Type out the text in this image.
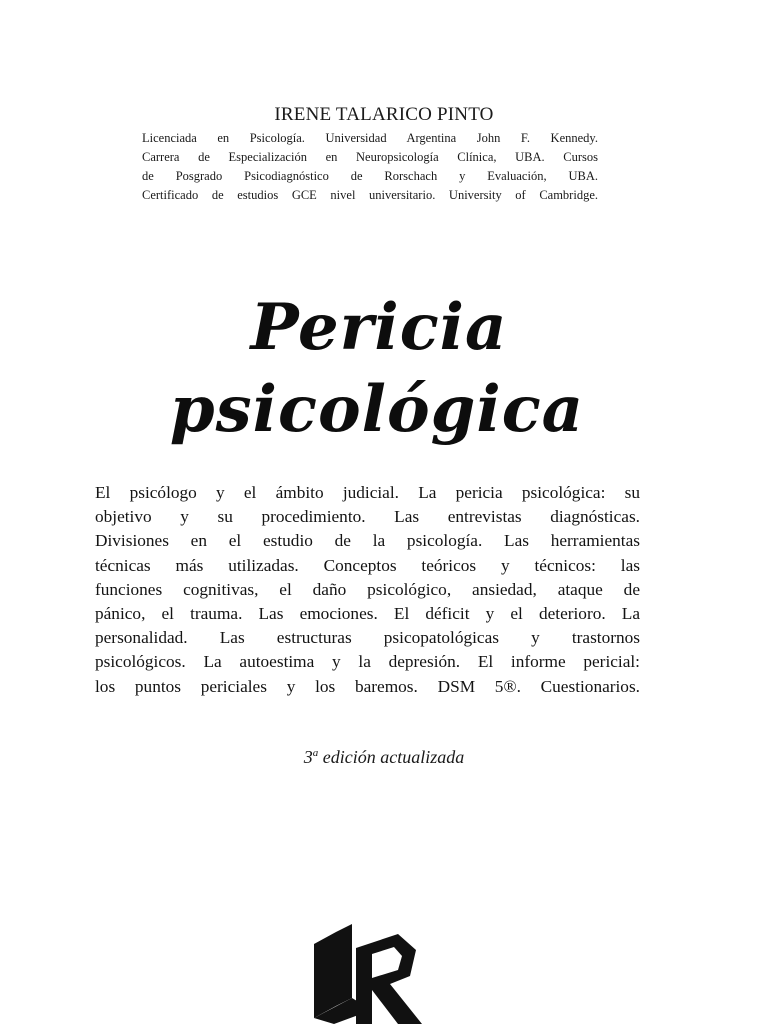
IRENE TALARICO PINTO
Licenciada en Psicología. Universidad Argentina John F. Kennedy.
Carrera de Especialización en Neuropsicología Clínica, UBA. Cursos
de Posgrado Psicodiagnóstico de Rorschach y Evaluación, UBA.
Certificado de estudios GCE nivel universitario. University of Cambridge.
Pericia
psicológica
El psicólogo y el ámbito judicial. La pericia psicológica: su
objetivo y su procedimiento. Las entrevistas diagnósticas.
Divisiones en el estudio de la psicología. Las herramientas
técnicas más utilizadas. Conceptos teóricos y técnicos: las
funciones cognitivas, el daño psicológico, ansiedad, ataque de
pánico, el trauma. Las emociones. El déficit y el deterioro. La
personalidad. Las estructuras psicopatológicas y trastornos
psicológicos. La autoestima y la depresión. El informe pericial:
los puntos periciales y los baremos. DSM 5®. Cuestionarios.
3$^a$ edición actualizada
